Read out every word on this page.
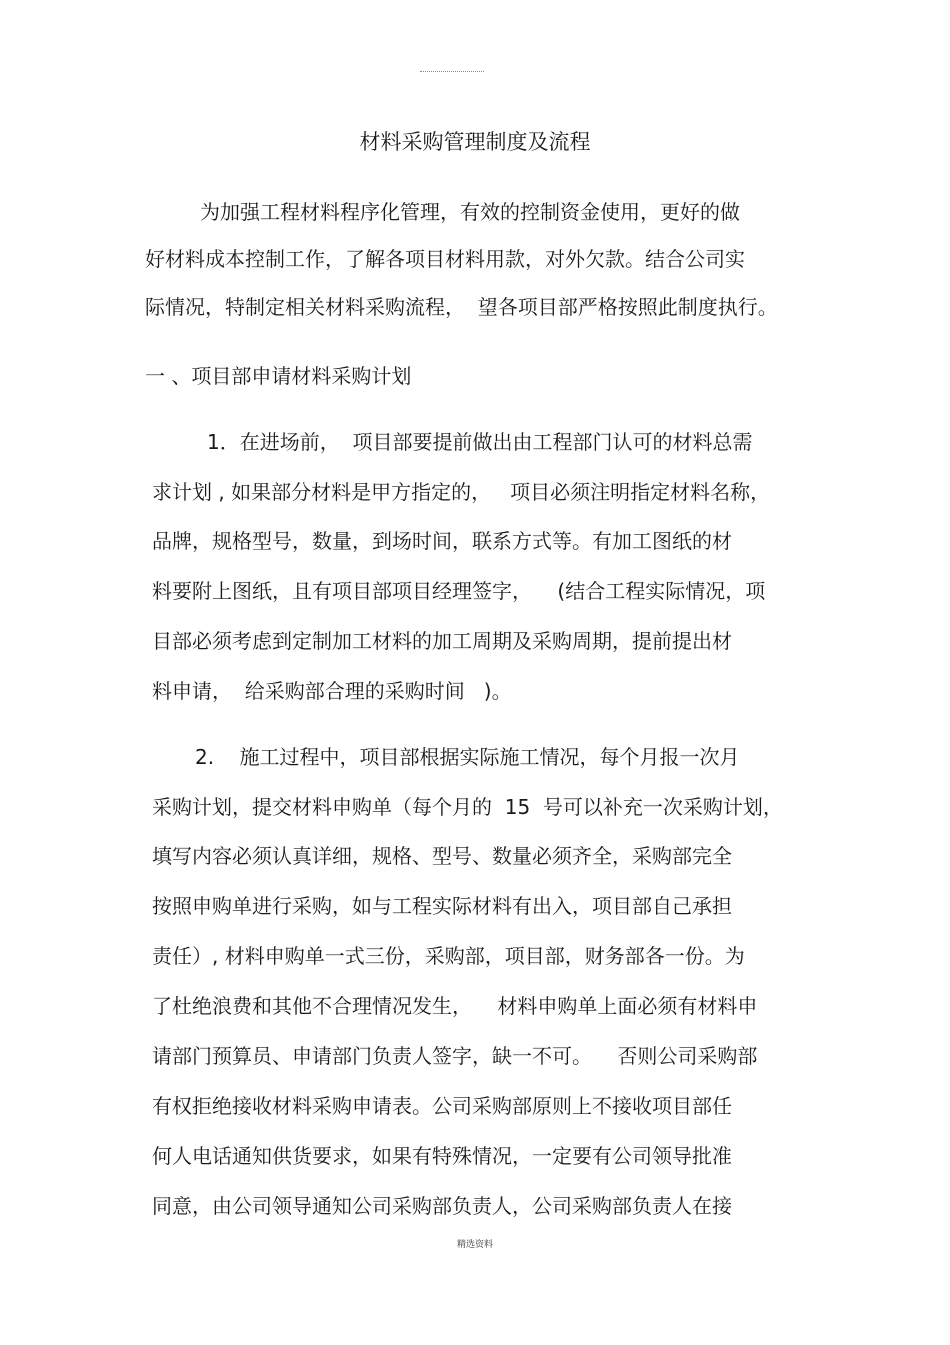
材料采购管理制度及流程
为加强工程材料程序化管理，有效的控制资金使用，更好的做
好材料成本控制工作，了解各项目材料用款，对外欠款。结合公司实
际情况，特制定相关材料采购流程，  望各项目部严格按照此制度执行。
一 、项目部申请材料采购计划
1．在进场前，  项目部要提前做出由工程部门认可的材料总需
求计划 , 如果部分材料是甲方指定的，   项目必须注明指定材料名称，
品牌，规格型号，数量，到场时间，联系方式等。有加工图纸的材
料要附上图纸，且有项目部项目经理签字，    (结合工程实际情况，项
目部必须考虑到定制加工材料的加工周期及采购周期，提前提出材
料申请，  给采购部合理的采购时间   )。
2.    施工过程中，项目部根据实际施工情况，每个月报一次月
采购计划，提交材料申购单（每个月的  15  号可以补充一次采购计划，
填写内容必须认真详细，规格、型号、数量必须齐全，采购部完全
按照申购单进行采购，如与工程实际材料有出入，项目部自己承担
责任）, 材料申购单一式三份，采购部，项目部，财务部各一份。为
了杜绝浪费和其他不合理情况发生，    材料申购单上面必须有材料申
请部门预算员、申请部门负责人签字，缺一不可。    否则公司采购部
有权拒绝接收材料采购申请表。公司采购部原则上不接收项目部任
何人电话通知供货要求，如果有特殊情况，一定要有公司领导批准
同意，由公司领导通知公司采购部负责人，公司采购部负责人在接
精选资料
